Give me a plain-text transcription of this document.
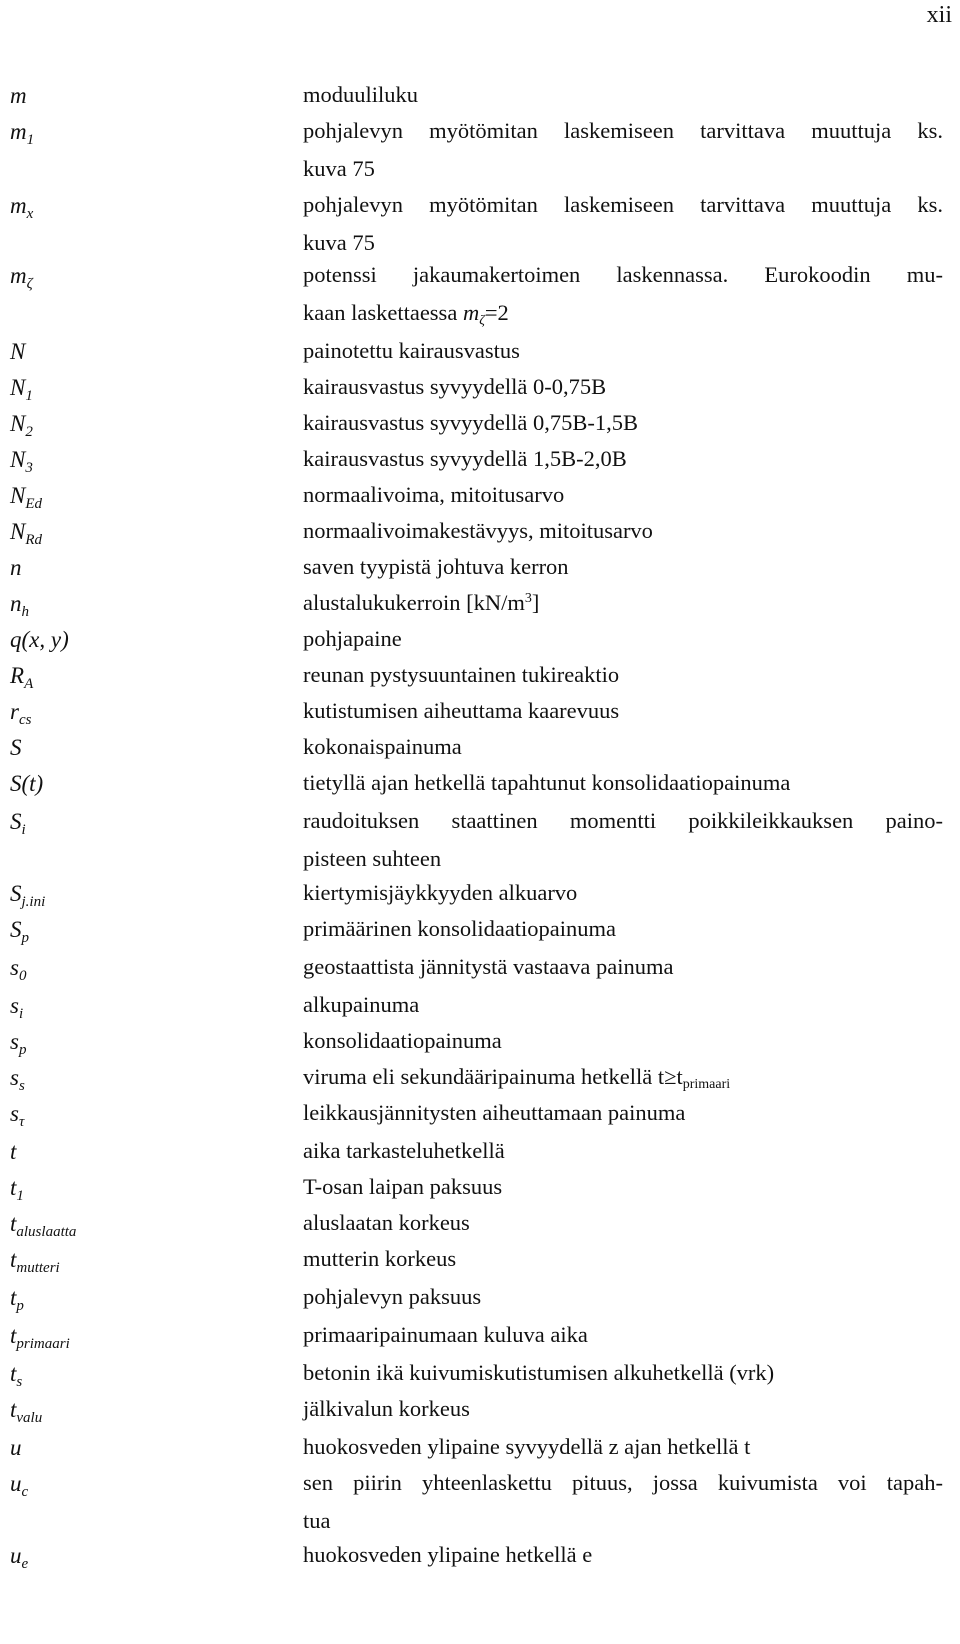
xii
m	moduuliluku
$m_1$	pohjalevyn myötömitan laskemiseen tarvittava muuttuja ks.
kuva 75
$m_x$	pohjalevyn myötömitan laskemiseen tarvittava muuttuja ks.
kuva 75
$m_\zeta$	potenssi jakaumakertoimen laskennassa. Eurokoodin mu-
kaan laskettaessa $m_\zeta=2$
N	painotettu kairausvastus
$N_1$	kairausvastus syvyydellä 0-0,75B
$N_2$	kairausvastus syvyydellä 0,75B-1,5B
$N_3$	kairausvastus syvyydellä 1,5B-2,0B
$N_{Ed}$	normaalivoima, mitoitusarvo
$N_{Rd}$	normaalivoimakestävyys, mitoitusarvo
n	saven tyypistä johtuva kerron
$n_h$	alustalukukerroin $[kN/m^3]$
q(x, y)	pohjapaine
$R_A$	reunan pystysuuntainen tukireaktio
$r_{cs}$	kutistumisen aiheuttama kaarevuus
S	kokonaispainuma
S(t)	tietyllä ajan hetkellä tapahtunut konsolidaatiopainuma
$S_i$	raudoituksen staattinen momentti poikkileikkauksen paino-
pisteen suhteen
$S_{j.ini}$	kiertymisjäykkyyden alkuarvo
$S_p$	primäärinen konsolidaatiopainuma
$s_0$	geostaattista jännitystä vastaava painuma
$s_i$	alkupainuma
$s_p$	konsolidaatiopainuma
$s_s$	viruma eli sekundääripainuma hetkellä $t\ge t_{primaari}$
$s_\tau$	leikkausjännitysten aiheuttamaan painuma
t	aika tarkasteluhetkellä
$t_1$	T-osan laipan paksuus
$t_{aluslaatta}$	aluslaatan korkeus
$t_{mutteri}$	mutterin korkeus
$t_p$	pohjalevyn paksuus
$t_{primaari}$	primaaripainumaan kuluva aika
$t_s$	betonin ikä kuivumiskutistumisen alkuhetkellä (vrk)
$t_{valu}$	jälkivalun korkeus
u	huokosveden ylipaine syvyydellä z ajan hetkellä t
$u_c$	sen piirin yhteenlaskettu pituus, jossa kuivumista voi tapah-
tua
$u_e$	huokosveden ylipaine hetkellä e
